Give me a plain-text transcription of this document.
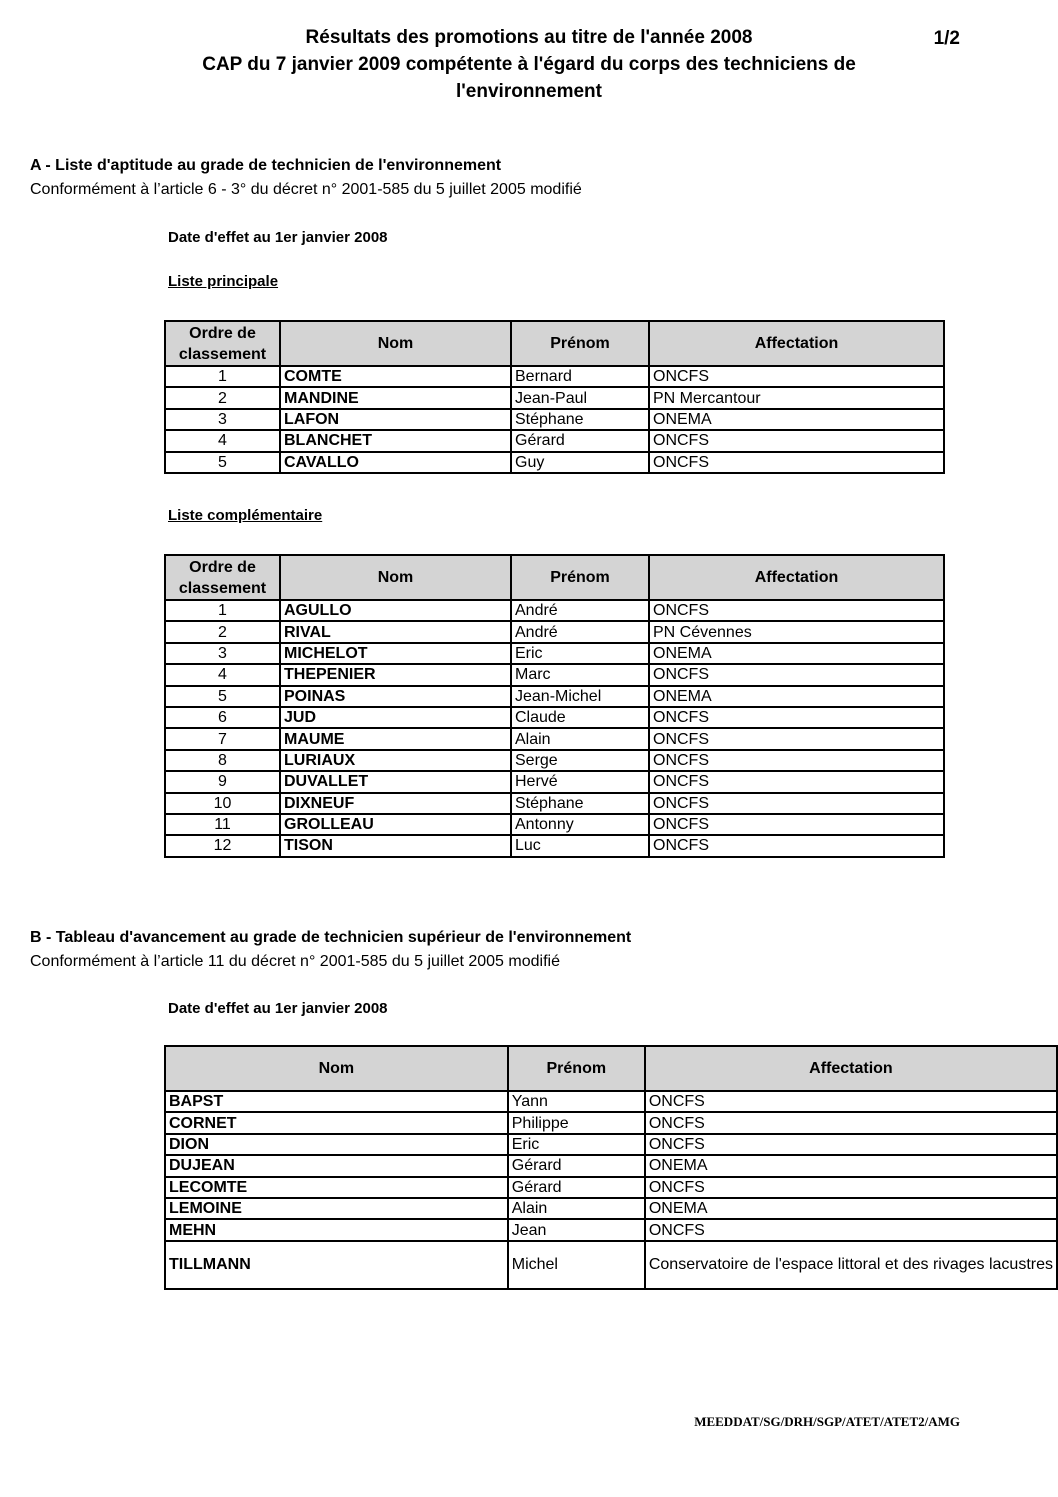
Résultats des promotions au titre de l'année 2008
CAP du 7 janvier 2009 compétente à l'égard du corps des techniciens de
l'environnement
1/2
A - Liste d'aptitude au grade de technicien de l'environnement
Conformément à l’article 6 - 3° du décret n° 2001-585 du 5 juillet 2005 modifié
Date d'effet au 1er janvier 2008
Liste principale
Ordre de classement	Nom	Prénom	Affectation
1	COMTE	Bernard	ONCFS
2	MANDINE	Jean-Paul	PN Mercantour
3	LAFON	Stéphane	ONEMA
4	BLANCHET	Gérard	ONCFS
5	CAVALLO	Guy	ONCFS
Liste complémentaire
Ordre de classement	Nom	Prénom	Affectation
1	AGULLO	André	ONCFS
2	RIVAL	André	PN Cévennes
3	MICHELOT	Eric	ONEMA
4	THEPENIER	Marc	ONCFS
5	POINAS	Jean-Michel	ONEMA
6	JUD	Claude	ONCFS
7	MAUME	Alain	ONCFS
8	LURIAUX	Serge	ONCFS
9	DUVALLET	Hervé	ONCFS
10	DIXNEUF	Stéphane	ONCFS
11	GROLLEAU	Antonny	ONCFS
12	TISON	Luc	ONCFS
B - Tableau d'avancement au grade de technicien supérieur de l'environnement
Conformément à l’article 11 du décret n° 2001-585 du 5 juillet 2005 modifié
Date d'effet au 1er janvier 2008
Nom	Prénom	Affectation
BAPST	Yann	ONCFS
CORNET	Philippe	ONCFS
DION	Eric	ONCFS
DUJEAN	Gérard	ONEMA
LECOMTE	Gérard	ONCFS
LEMOINE	Alain	ONEMA
MEHN	Jean	ONCFS
TILLMANN	Michel	Conservatoire de l'espace littoral et des rivages lacustres
MEEDDAT/SG/DRH/SGP/ATET/ATET2/AMG
